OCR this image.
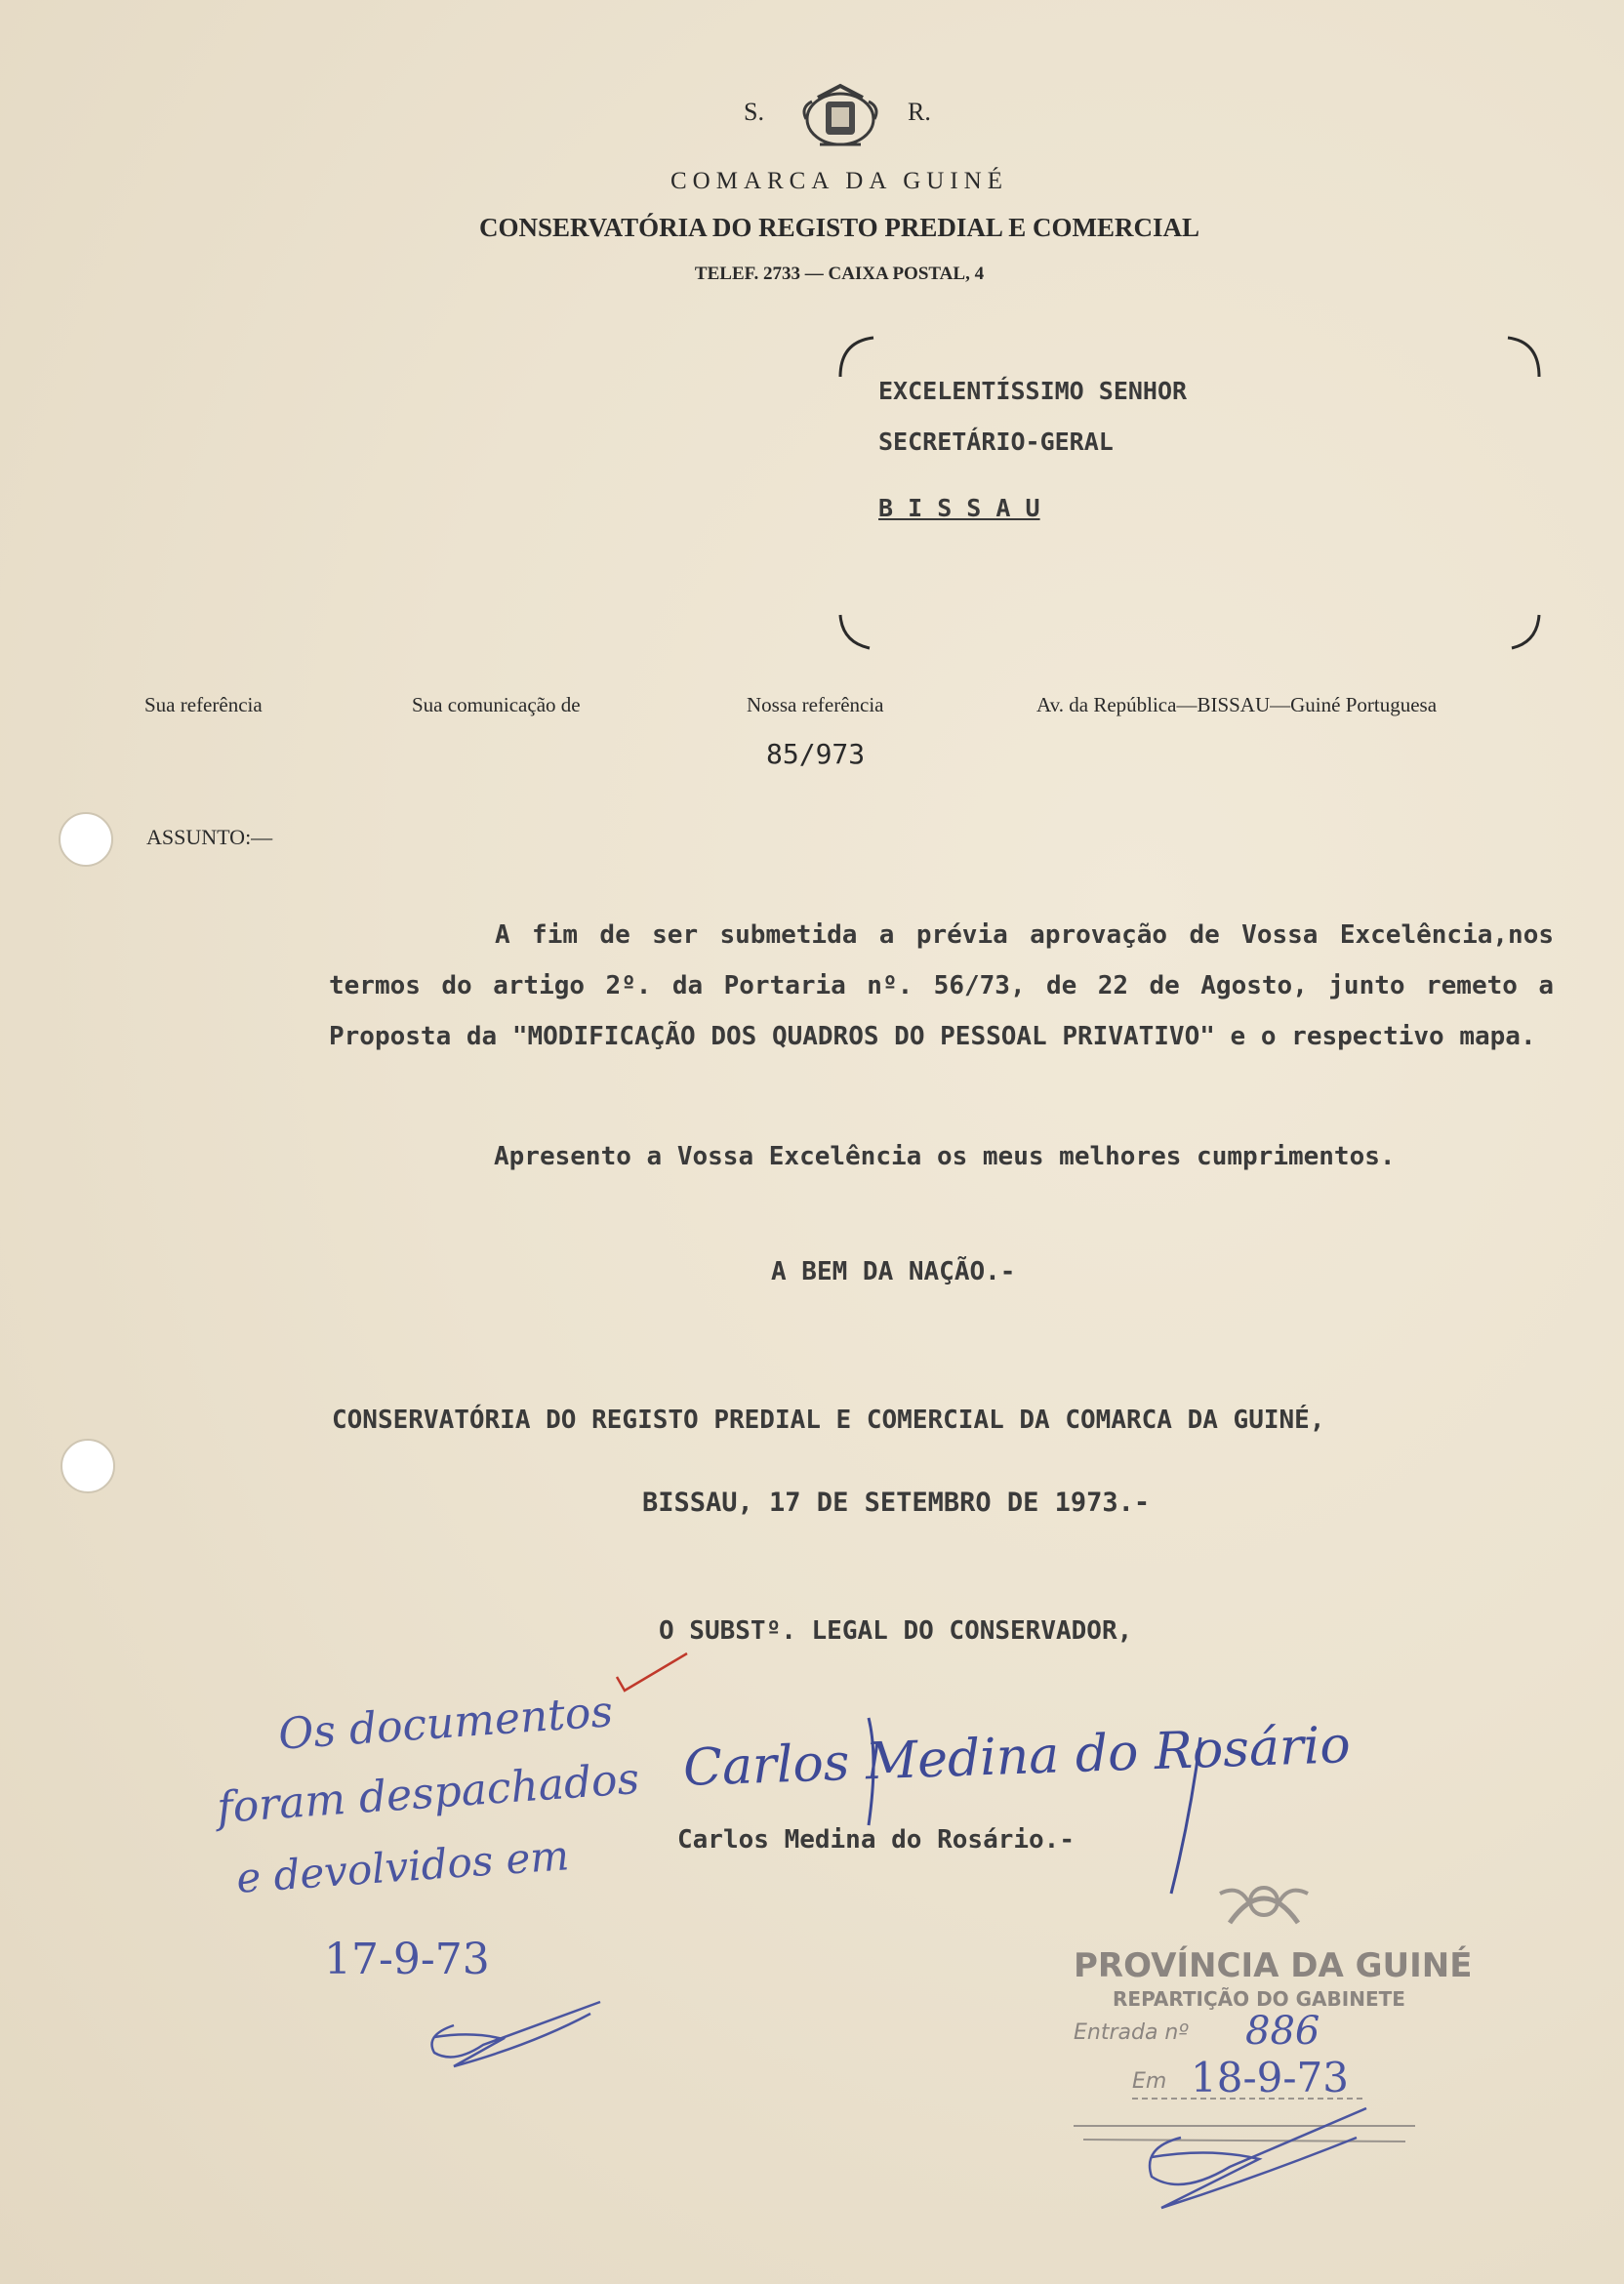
S.	R.
COMARCA DA GUINÉ
CONSERVATÓRIA DO REGISTO PREDIAL E COMERCIAL
TELEF. 2733 — CAIXA POSTAL, 4
EXCELENTÍSSIMO SENHOR
SECRETÁRIO-GERAL
B I S S A U
Sua referência	Sua comunicação de	Nossa referência	Av. da República—BISSAU—Guiné Portuguesa
85/973
ASSUNTO:—
A fim de ser submetida a prévia aprovação de Vossa Excelência,nos termos do artigo 2º. da Portaria nº. 56/73, de 22 de Agosto, junto remeto a Proposta da "MODIFICAÇÃO DOS QUADROS DO PESSOAL PRIVATIVO" e o respectivo mapa.
Apresento a Vossa Excelência os meus melhores cumprimentos.
A BEM DA NAÇÃO.-
CONSERVATÓRIA DO REGISTO PREDIAL E COMERCIAL DA COMARCA DA GUINÉ,
BISSAU, 17 DE SETEMBRO DE 1973.-
O SUBSTº. LEGAL DO CONSERVADOR,
Carlos Medina do Rosário.-
Carlos Medina do Rosário
Os documentos
foram despachados
e devolvidos em
17-9-73	PROVÍNCIA DA GUINÉ
REPARTIÇÃO DO GABINETE
Entrada nº 886
Em 18-9-73
